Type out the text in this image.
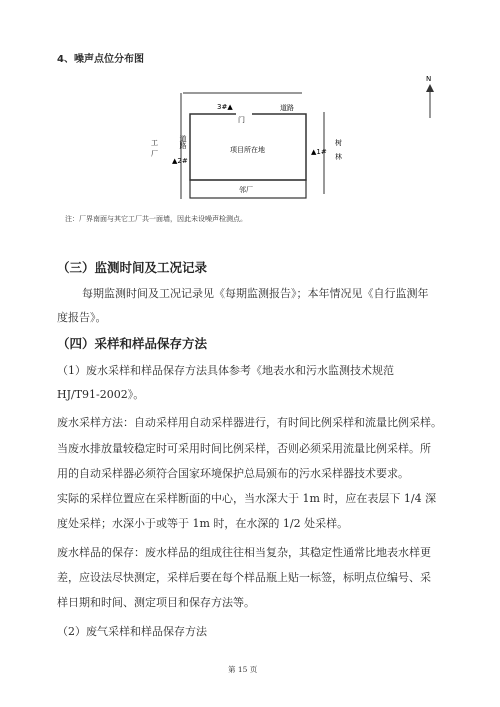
4、噪声点位分布图
N
道路
道路
门
3#▲
工
厂
▲2#
项目所在地	▲1#
树
林
邻厂
注：厂界南面与其它工厂共一面墙，因此未设噪声检测点。
（三）监测时间及工况记录
每期监测时间及工况记录见《每期监测报告》；本年情况见《自行监测年
度报告》。
（四）采样和样品保存方法
（1）废水采样和样品保存方法具体参考《地表水和污水监测技术规范
HJ/T91-2002》。
废水采样方法：自动采样用自动采样器进行，有时间比例采样和流量比例采样。
当废水排放量较稳定时可采用时间比例采样，否则必须采用流量比例采样。所
用的自动采样器必须符合国家环境保护总局颁布的污水采样器技术要求。
实际的采样位置应在采样断面的中心，当水深大于 1m 时，应在表层下 1/4 深
度处采样；水深小于或等于 1m 时，在水深的 1/2 处采样。
废水样品的保存：废水样品的组成往往相当复杂，其稳定性通常比地表水样更
差，应设法尽快测定，采样后要在每个样品瓶上贴一标签，标明点位编号、采
样日期和时间、测定项目和保存方法等。
（2）废气采样和样品保存方法
第 15 页
